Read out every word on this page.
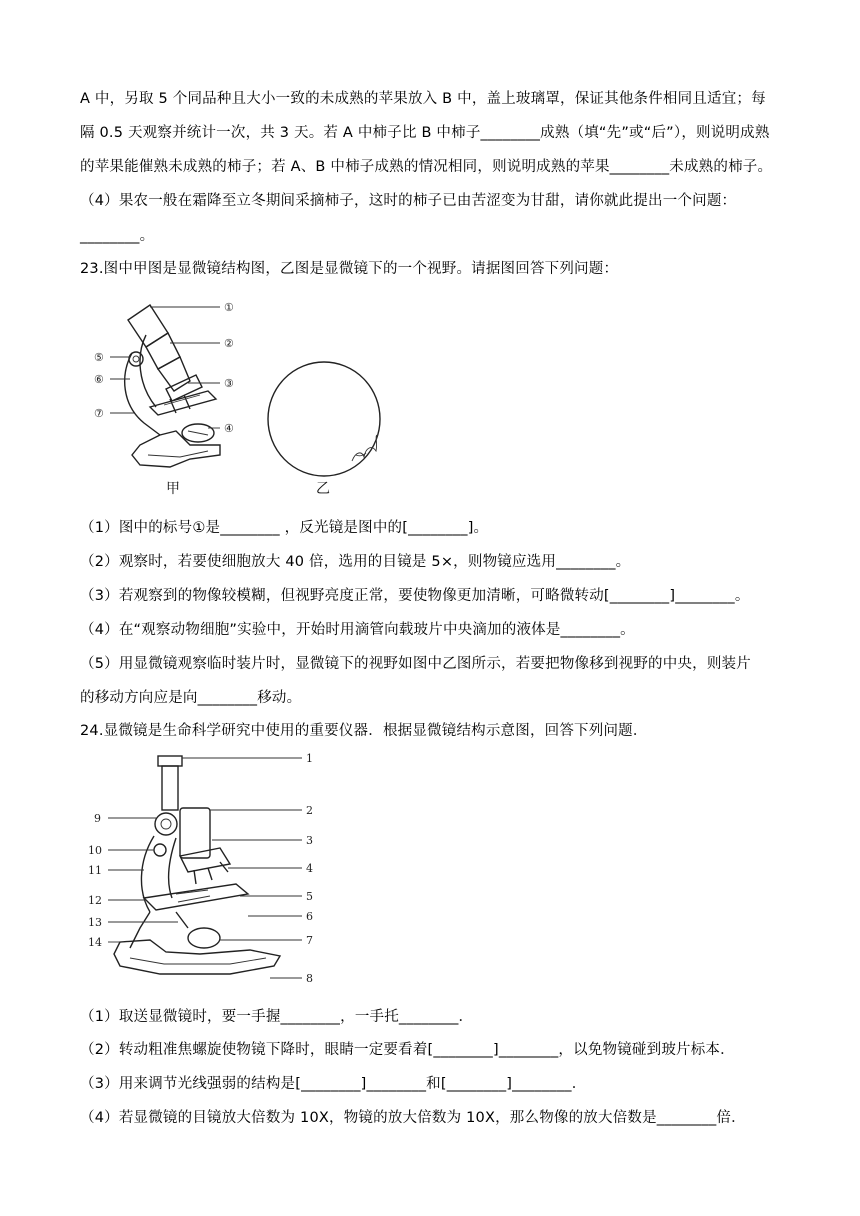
A 中，另取 5 个同品种且大小一致的未成熟的苹果放入 B 中，盖上玻璃罩，保证其他条件相同且适宜；每
隔 0.5 天观察并统计一次，共 3 天。若 A 中柿子比 B 中柿子________成熟（填“先”或“后”），则说明成熟
的苹果能催熟未成熟的柿子；若 A、B 中柿子成熟的情况相同，则说明成熟的苹果________未成熟的柿子。
（4）果农一般在霜降至立冬期间采摘柿子，这时的柿子已由苦涩变为甘甜，请你就此提出一个问题：
________。
23.图中甲图是显微镜结构图，乙图是显微镜下的一个视野。请据图回答下列问题：
①
②
③
④
⑤
⑥
⑦
甲	乙
（1）图中的标号①是________ ，反光镜是图中的[________]。
（2）观察时，若要使细胞放大 40 倍，选用的目镜是 5×，则物镜应选用________。
（3）若观察到的物像较模糊，但视野亮度正常，要使物像更加清晰，可略微转动[________]________。
（4）在“观察动物细胞”实验中，开始时用滴管向载玻片中央滴加的液体是________。
（5）用显微镜观察临时装片时，显微镜下的视野如图中乙图所示，若要把物像移到视野的中央，则装片
的移动方向应是向________移动。
24.显微镜是生命科学研究中使用的重要仪器．根据显微镜结构示意图，回答下列问题．
1
2
3
4
5
6
7
8
9
10
11
12
13
14
（1）取送显微镜时，要一手握________，一手托________．
（2）转动粗准焦螺旋使物镜下降时，眼睛一定要看着[________]________，以免物镜碰到玻片标本．
（3）用来调节光线强弱的结构是[________]________和[________]________．
（4）若显微镜的目镜放大倍数为 10X，物镜的放大倍数为 10X，那么物像的放大倍数是________倍．
